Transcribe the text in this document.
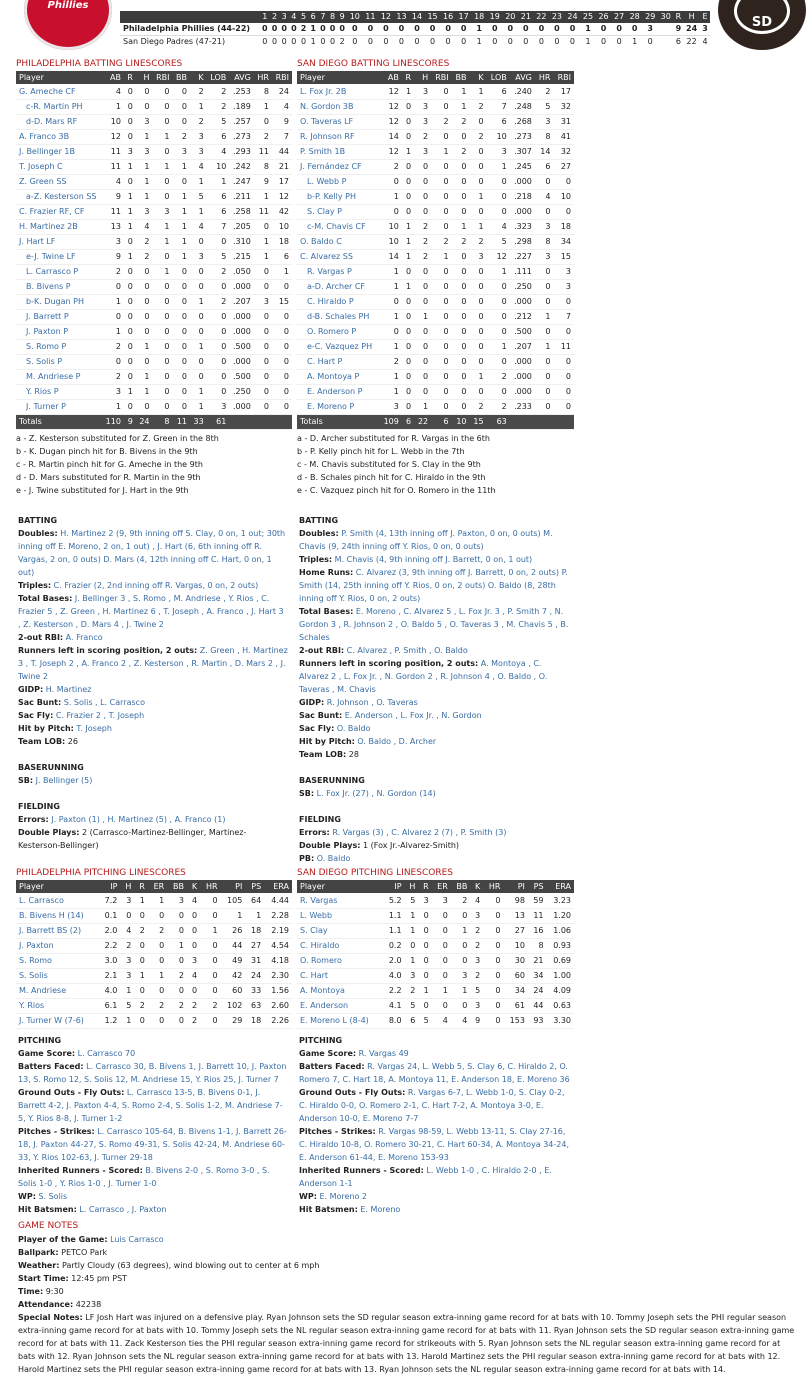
Phillies
	1	2	3	4	5	6	7	8	9	10	11	12	13	14	15	16	17	18	19	20	21	22	23	24	25	26	27	28	29	30	R	H	E
Philadelphia Phillies (44-22)	0	0	0	0	2	1	0	0	0	0	0	0	0	0	0	0	0	1	0	0	0	0	0	0	1	0	0	0	3		9	24	3
San Diego Padres (47-21)	0	0	0	0	0	1	0	0	2	0	0	0	0	0	0	0	0	1	0	0	0	0	0	0	1	0	0	1	0		6	22	4
SD
PHILADELPHIA BATTING LINESCORES
Player	AB	R	H	RBI	BB	K	LOB	AVG	HR	RBI
G. Ameche CF	4	0	0	0	0	2	2	.253	8	24
c-R. Martin PH	1	0	0	0	0	1	2	.189	1	4
d-D. Mars RF	10	0	3	0	0	2	5	.257	0	9
A. Franco 3B	12	0	1	1	2	3	6	.273	2	7
J. Bellinger 1B	11	3	3	0	3	3	4	.293	11	44
T. Joseph C	11	1	1	1	1	4	10	.242	8	21
Z. Green SS	4	0	1	0	0	1	1	.247	9	17
a-Z. Kesterson SS	9	1	1	0	1	5	6	.211	1	12
C. Frazier RF, CF	11	1	3	3	1	1	6	.258	11	42
H. Martinez 2B	13	1	4	1	1	4	7	.205	0	10
J. Hart LF	3	0	2	1	1	0	0	.310	1	18
e-J. Twine LF	9	1	2	0	1	3	5	.215	1	6
L. Carrasco P	2	0	0	1	0	0	2	.050	0	1
B. Bivens P	0	0	0	0	0	0	0	.000	0	0
b-K. Dugan PH	1	0	0	0	0	1	2	.207	3	15
J. Barrett P	0	0	0	0	0	0	0	.000	0	0
J. Paxton P	1	0	0	0	0	0	0	.000	0	0
S. Romo P	2	0	1	0	0	1	0	.500	0	0
S. Solis P	0	0	0	0	0	0	0	.000	0	0
M. Andriese P	2	0	1	0	0	0	0	.500	0	0
Y. Rios P	3	1	1	0	0	1	0	.250	0	0
J. Turner P	1	0	0	0	0	1	3	.000	0	0
Totals	110	9	24	8	11	33	61			
a - Z. Kesterson substituted for Z. Green in the 8th
b - K. Dugan pinch hit for B. Bivens in the 9th
c - R. Martin pinch hit for G. Ameche in the 9th
d - D. Mars substituted for R. Martin in the 9th
e - J. Twine substituted for J. Hart in the 9th
SAN DIEGO BATTING LINESCORES
Player	AB	R	H	RBI	BB	K	LOB	AVG	HR	RBI
L. Fox Jr. 2B	12	1	3	0	1	1	6	.240	2	17
N. Gordon 3B	12	0	3	0	1	2	7	.248	5	32
O. Taveras LF	12	0	3	2	2	0	6	.268	3	31
R. Johnson RF	14	0	2	0	0	2	10	.273	8	41
P. Smith 1B	12	1	3	1	2	0	3	.307	14	32
J. Fernández CF	2	0	0	0	0	0	1	.245	6	27
L. Webb P	0	0	0	0	0	0	0	.000	0	0
b-P. Kelly PH	1	0	0	0	0	1	0	.218	4	10
S. Clay P	0	0	0	0	0	0	0	.000	0	0
c-M. Chavis CF	10	1	2	0	1	1	4	.323	3	18
O. Baldo C	10	1	2	2	2	2	5	.298	8	34
C. Alvarez SS	14	1	2	1	0	3	12	.227	3	15
R. Vargas P	1	0	0	0	0	0	1	.111	0	3
a-D. Archer CF	1	1	0	0	0	0	0	.250	0	3
C. Hiraldo P	0	0	0	0	0	0	0	.000	0	0
d-B. Schales PH	1	0	1	0	0	0	0	.212	1	7
O. Romero P	0	0	0	0	0	0	0	.500	0	0
e-C. Vazquez PH	1	0	0	0	0	0	1	.207	1	11
C. Hart P	2	0	0	0	0	0	0	.000	0	0
A. Montoya P	1	0	0	0	0	1	2	.000	0	0
E. Anderson P	1	0	0	0	0	0	0	.000	0	0
E. Moreno P	3	0	1	0	0	2	2	.233	0	0
Totals	109	6	22	6	10	15	63			
a - D. Archer substituted for R. Vargas in the 6th
b - P. Kelly pinch hit for L. Webb in the 7th
c - M. Chavis substituted for S. Clay in the 9th
d - B. Schales pinch hit for C. Hiraldo in the 9th
e - C. Vazquez pinch hit for O. Romero in the 11th
BATTING
Doubles: H. Martinez 2 (9, 9th inning off S. Clay, 0 on, 1 out; 30th inning off E. Moreno, 2 on, 1 out) , J. Hart (6, 6th inning off R. Vargas, 2 on, 0 outs) D. Mars (4, 12th inning off C. Hart, 0 on, 1 out)
Triples: C. Frazier (2, 2nd inning off R. Vargas, 0 on, 2 outs)
Total Bases: J. Bellinger 3 , S. Romo , M. Andriese , Y. Rios , C. Frazier 5 , Z. Green , H. Martinez 6 , T. Joseph , A. Franco , J. Hart 3 , Z. Kesterson , D. Mars 4 , J. Twine 2
2-out RBI: A. Franco
Runners left in scoring position, 2 outs: Z. Green , H. Martinez 3 , T. Joseph 2 , A. Franco 2 , Z. Kesterson , R. Martin , D. Mars 2 , J. Twine 2
GIDP: H. Martinez
Sac Bunt: S. Solis , L. Carrasco
Sac Fly: C. Frazier 2 , T. Joseph
Hit by Pitch: T. Joseph
Team LOB: 26
BASERUNNING
SB: J. Bellinger (5)
FIELDING
Errors: J. Paxton (1) , H. Martinez (5) , A. Franco (1)
Double Plays: 2 (Carrasco-Martinez-Bellinger, Martinez-Kesterson-Bellinger)
BATTING
Doubles: P. Smith (4, 13th inning off J. Paxton, 0 on, 0 outs) M. Chavis (9, 24th inning off Y. Rios, 0 on, 0 outs)
Triples: M. Chavis (4, 9th inning off J. Barrett, 0 on, 1 out)
Home Runs: C. Alvarez (3, 9th inning off J. Barrett, 0 on, 2 outs) P. Smith (14, 25th inning off Y. Rios, 0 on, 2 outs) O. Baldo (8, 28th inning off Y. Rios, 0 on, 2 outs)
Total Bases: E. Moreno , C. Alvarez 5 , L. Fox Jr. 3 , P. Smith 7 , N. Gordon 3 , R. Johnson 2 , O. Baldo 5 , O. Taveras 3 , M. Chavis 5 , B. Schales
2-out RBI: C. Alvarez , P. Smith , O. Baldo
Runners left in scoring position, 2 outs: A. Montoya , C. Alvarez 2 , L. Fox Jr. , N. Gordon 2 , R. Johnson 4 , O. Baldo , O. Taveras , M. Chavis
GIDP: R. Johnson , O. Taveras
Sac Bunt: E. Anderson , L. Fox Jr. , N. Gordon
Sac Fly: O. Baldo
Hit by Pitch: O. Baldo , D. Archer
Team LOB: 28
BASERUNNING
SB: L. Fox Jr. (27) , N. Gordon (14)
FIELDING
Errors: R. Vargas (3) , C. Alvarez 2 (7) , P. Smith (3)
Double Plays: 1 (Fox Jr.-Alvarez-Smith)
PB: O. Baldo
PHILADELPHIA PITCHING LINESCORES
Player	IP	H	R	ER	BB	K	HR	PI	PS	ERA
L. Carrasco	7.2	3	1	1	3	4	0	105	64	4.44
B. Bivens H (14)	0.1	0	0	0	0	0	0	1	1	2.28
J. Barrett BS (2)	2.0	4	2	2	0	0	1	26	18	2.19
J. Paxton	2.2	2	0	0	1	0	0	44	27	4.54
S. Romo	3.0	3	0	0	0	3	0	49	31	4.18
S. Solis	2.1	3	1	1	2	4	0	42	24	2.30
M. Andriese	4.0	1	0	0	0	0	0	60	33	1.56
Y. Rios	6.1	5	2	2	2	2	2	102	63	2.60
J. Turner W (7-6)	1.2	1	0	0	0	2	0	29	18	2.26
SAN DIEGO PITCHING LINESCORES
Player	IP	H	R	ER	BB	K	HR	PI	PS	ERA
R. Vargas	5.2	5	3	3	2	4	0	98	59	3.23
L. Webb	1.1	1	0	0	0	3	0	13	11	1.20
S. Clay	1.1	1	0	0	1	2	0	27	16	1.06
C. Hiraldo	0.2	0	0	0	0	2	0	10	8	0.93
O. Romero	2.0	1	0	0	0	3	0	30	21	0.69
C. Hart	4.0	3	0	0	3	2	0	60	34	1.00
A. Montoya	2.2	2	1	1	1	5	0	34	24	4.09
E. Anderson	4.1	5	0	0	0	3	0	61	44	0.63
E. Moreno L (8-4)	8.0	6	5	4	4	9	0	153	93	3.30
PITCHING
Game Score: L. Carrasco 70
Batters Faced: L. Carrasco 30, B. Bivens 1, J. Barrett 10, J. Paxton 13, S. Romo 12, S. Solis 12, M. Andriese 15, Y. Rios 25, J. Turner 7
Ground Outs - Fly Outs: L. Carrasco 13-5, B. Bivens 0-1, J. Barrett 4-2, J. Paxton 4-4, S. Romo 2-4, S. Solis 1-2, M. Andriese 7-5, Y. Rios 8-8, J. Turner 1-2
Pitches - Strikes: L. Carrasco 105-64, B. Bivens 1-1, J. Barrett 26-18, J. Paxton 44-27, S. Romo 49-31, S. Solis 42-24, M. Andriese 60-33, Y. Rios 102-63, J. Turner 29-18
Inherited Runners - Scored: B. Bivens 2-0 , S. Romo 3-0 , S. Solis 1-0 , Y. Rios 1-0 , J. Turner 1-0
WP: S. Solis
Hit Batsmen: L. Carrasco , J. Paxton
PITCHING
Game Score: R. Vargas 49
Batters Faced: R. Vargas 24, L. Webb 5, S. Clay 6, C. Hiraldo 2, O. Romero 7, C. Hart 18, A. Montoya 11, E. Anderson 18, E. Moreno 36
Ground Outs - Fly Outs: R. Vargas 6-7, L. Webb 1-0, S. Clay 0-2, C. Hiraldo 0-0, O. Romero 2-1, C. Hart 7-2, A. Montoya 3-0, E. Anderson 10-0, E. Moreno 7-7
Pitches - Strikes: R. Vargas 98-59, L. Webb 13-11, S. Clay 27-16, C. Hiraldo 10-8, O. Romero 30-21, C. Hart 60-34, A. Montoya 34-24, E. Anderson 61-44, E. Moreno 153-93
Inherited Runners - Scored: L. Webb 1-0 , C. Hiraldo 2-0 , E. Anderson 1-1
WP: E. Moreno 2
Hit Batsmen: E. Moreno
GAME NOTES
Player of the Game: Luis Carrasco
Ballpark: PETCO Park
Weather: Partly Cloudy (63 degrees), wind blowing out to center at 6 mph
Start Time: 12:45 pm PST
Time: 9:30
Attendance: 42238
Special Notes: LF Josh Hart was injured on a defensive play. Ryan Johnson sets the SD regular season extra-inning game record for at bats with 10. Tommy Joseph sets the PHI regular season extra-inning game record for at bats with 10. Tommy Joseph sets the NL regular season extra-inning game record for at bats with 11. Ryan Johnson sets the SD regular season extra-inning game record for at bats with 11. Zack Kesterson ties the PHI regular season extra-inning game record for strikeouts with 5. Ryan Johnson sets the NL regular season extra-inning game record for at bats with 12. Ryan Johnson sets the NL regular season extra-inning game record for at bats with 13. Harold Martinez sets the PHI regular season extra-inning game record for at bats with 12. Harold Martinez sets the PHI regular season extra-inning game record for at bats with 13. Ryan Johnson sets the NL regular season extra-inning game record for at bats with 14.
